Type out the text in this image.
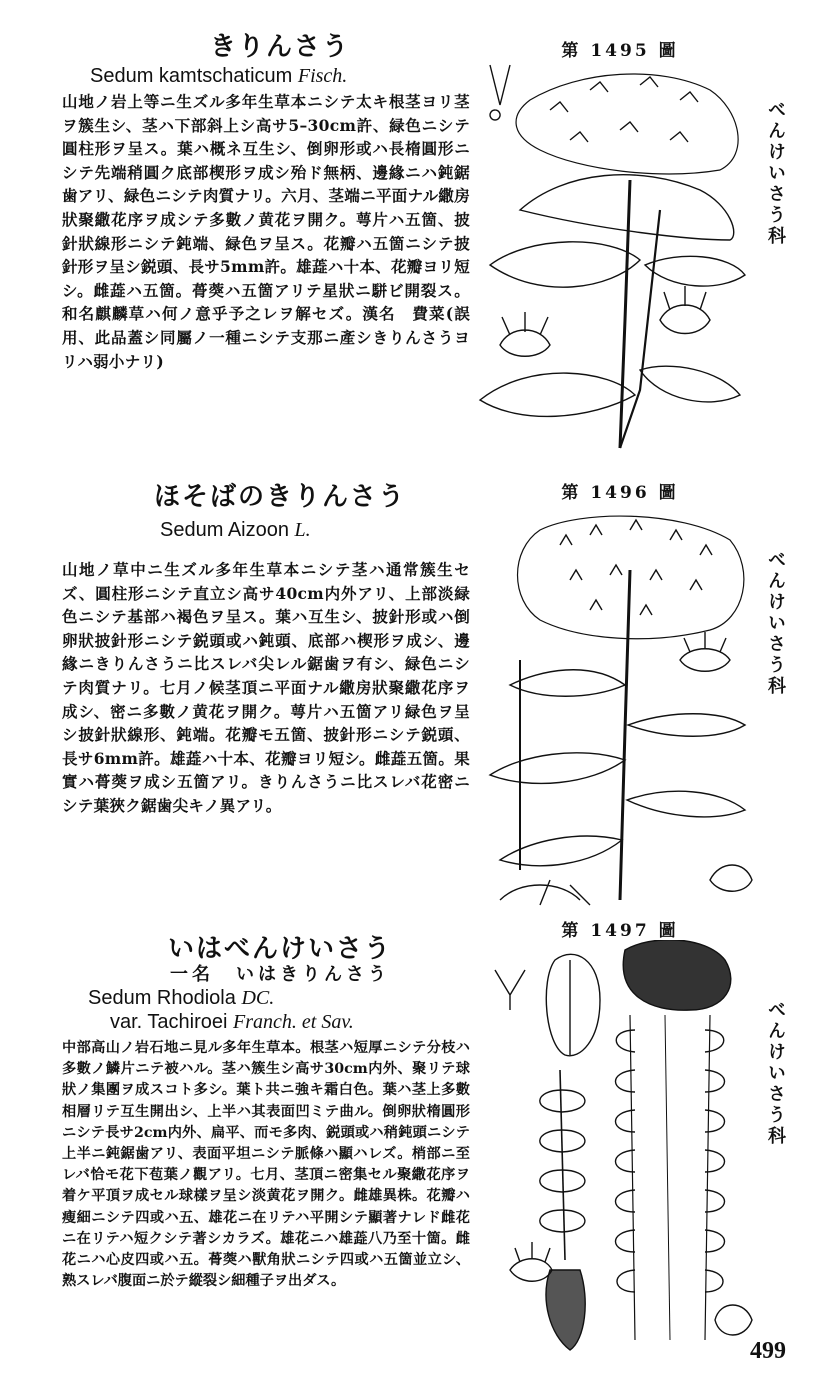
きりんさう
Sedum kamtschaticum Fisch.

山地ノ岩上等ニ生ズル多年生草本ニシテ太キ根茎ヨリ茎ヲ簇生シ、茎ハ下部斜上シ高サ5–30cm許、緑色ニシテ圓柱形ヲ呈ス。葉ハ概ネ互生シ、倒卵形或ハ長楕圓形ニシテ先端稍圓ク底部楔形ヲ成シ殆ド無柄、邊緣ニハ鈍鋸歯アリ、緑色ニシテ肉質ナリ。六月、茎端ニ平面ナル繖房狀聚繖花序ヲ成シテ多數ノ黄花ヲ開ク。萼片ハ五箇、披針狀線形ニシテ鈍端、緑色ヲ呈ス。花瓣ハ五箇ニシテ披針形ヲ呈シ鋭頭、長サ5mm許。雄蕋ハ十本、花瓣ヨリ短シ。雌蕋ハ五箇。蓇葖ハ五箇アリテ星狀ニ駢ビ開裂ス。和名麒麟草ハ何ノ意乎予之レヲ解セズ。漢名　費菜(誤用、此品蓋シ同屬ノ一種ニシテ支那ニ產シきりんさうヨリハ弱小ナリ)

第 1495 圖
べんけいさう科
ほそばのきりんさう
Sedum Aizoon L.

山地ノ草中ニ生ズル多年生草本ニシテ茎ハ通常簇生セズ、圓柱形ニシテ直立シ高サ40cm内外アリ、上部淡緑色ニシテ基部ハ褐色ヲ呈ス。葉ハ互生シ、披針形或ハ倒卵狀披針形ニシテ鋭頭或ハ鈍頭、底部ハ楔形ヲ成シ、邊緣ニきりんさうニ比スレバ尖レル鋸歯ヲ有シ、緑色ニシテ肉質ナリ。七月ノ候茎頂ニ平面ナル繖房狀聚繖花序ヲ成シ、密ニ多數ノ黄花ヲ開ク。萼片ハ五箇アリ緑色ヲ呈シ披針狀線形、鈍端。花瓣モ五箇、披針形ニシテ鋭頭、長サ6mm許。雄蕋ハ十本、花瓣ヨリ短シ。雌蕋五箇。果實ハ蓇葖ヲ成シ五箇アリ。きりんさうニ比スレバ花密ニシテ葉狹ク鋸歯尖キノ異アリ。

第 1496 圖
べんけいさう科
いはべんけいさう
一名　いはきりんさう
Sedum Rhodiola DC.
var. Tachiroei Franch. et Sav.

中部高山ノ岩石地ニ見ル多年生草本。根茎ハ短厚ニシテ分枝ハ多數ノ鱗片ニテ被ハル。茎ハ簇生シ高サ30cm内外、聚リテ球狀ノ集團ヲ成スコト多シ。葉ト共ニ強キ霜白色。葉ハ茎上多數相層リテ互生開出シ、上半ハ其表面凹ミテ曲ル。倒卵狀楕圓形ニシテ長サ2cm内外、扁平、而モ多肉、鋭頭或ハ稍鈍頭ニシテ上半ニ鈍鋸歯アリ、表面平坦ニシテ脈條ハ顯ハレズ。梢部ニ至レバ恰モ花下苞葉ノ觀アリ。七月、茎頂ニ密集セル聚繖花序ヲ着ケ平頂ヲ成セル球樣ヲ呈シ淡黄花ヲ開ク。雌雄異株。花瓣ハ瘦細ニシテ四或ハ五、雄花ニ在リテハ平開シテ顯著ナレド雌花ニ在リテハ短クシテ著シカラズ。雄花ニハ雄蕋八乃至十箇。雌花ニハ心皮四或ハ五。蓇葖ハ獸角狀ニシテ四或ハ五箇並立シ、熟スレバ腹面ニ於テ縱裂シ細種子ヲ出ダス。

第 1497 圖
べんけいさう科
499
